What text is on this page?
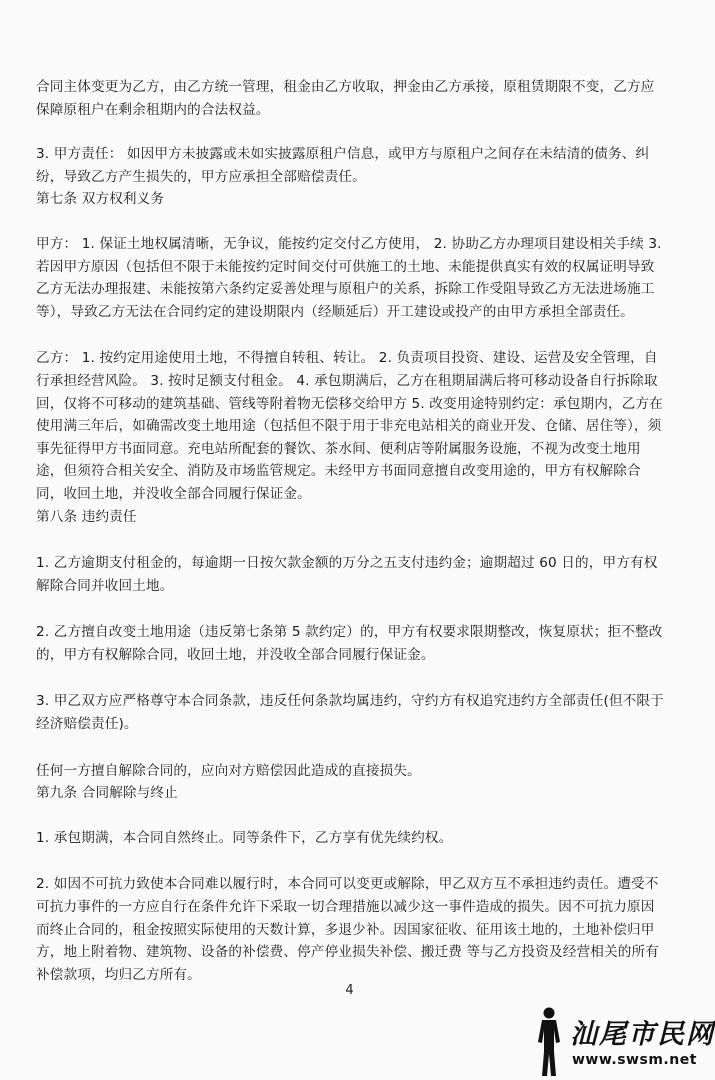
合同主体变更为乙方，由乙方统一管理，租金由乙方收取，押金由乙方承接，原租赁期限不变，乙方应保障原租户在剩余租期内的合法权益。

3. 甲方责任： 如因甲方未披露或未如实披露原租户信息，或甲方与原租户之间存在未结清的债务、纠纷，导致乙方产生损失的，甲方应承担全部赔偿责任。

第七条 双方权利义务

甲方： 1. 保证土地权属清晰，无争议，能按约定交付乙方使用， 2. 协助乙方办理项目建设相关手续 3.若因甲方原因（包括但不限于未能按约定时间交付可供施工的土地、未能提供真实有效的权属证明导致乙方无法办理报建、未能按第六条约定妥善处理与原租户的关系，拆除工作受阻导致乙方无法进场施工等），导致乙方无法在合同约定的建设期限内（经顺延后）开工建设或投产的由甲方承担全部责任。

乙方： 1. 按约定用途使用土地，不得擅自转租、转让。 2. 负责项目投资、建设、运营及安全管理，自行承担经营风险。 3. 按时足额支付租金。 4. 承包期满后，乙方在租期届满后将可移动设备自行拆除取回，仅将不可移动的建筑基础、管线等附着物无偿移交给甲方 5. 改变用途特别约定：承包期内，乙方在使用满三年后，如确需改变土地用途（包括但不限于用于非充电站相关的商业开发、仓储、居住等），须事先征得甲方书面同意。充电站所配套的餐饮、茶水间、便利店等附属服务设施，不视为改变土地用途，但须符合相关安全、消防及市场监管规定。未经甲方书面同意擅自改变用途的，甲方有权解除合同，收回土地，并没收全部合同履行保证金。

第八条 违约责任

1. 乙方逾期支付租金的，每逾期一日按欠款金额的万分之五支付违约金；逾期超过 60 日的，甲方有权解除合同并收回土地。

2. 乙方擅自改变土地用途（违反第七条第 5 款约定）的，甲方有权要求限期整改，恢复原状；拒不整改的，甲方有权解除合同，收回土地，并没收全部合同履行保证金。

3. 甲乙双方应严格尊守本合同条款，违反任何条款均属违约，守约方有权追究违约方全部责任(但不限于经济赔偿责任)。

任何一方擅自解除合同的，应向对方赔偿因此造成的直接损失。

第九条 合同解除与终止

1. 承包期满，本合同自然终止。同等条件下，乙方享有优先续约权。

2. 如因不可抗力致使本合同难以履行时，本合同可以变更或解除，甲乙双方互不承担违约责任。遭受不可抗力事件的一方应自行在条件允许下采取一切合理措施以减少这一事件造成的损失。因不可抗力原因而终止合同的，租金按照实际使用的天数计算，多退少补。因国家征收、征用该土地的，土地补偿归甲方，地上附着物、建筑物、设备的补偿费、停产停业损失补偿、搬迁费 等与乙方投资及经营相关的所有补偿款项，均归乙方所有。

4
汕尾市民网
www.swsm.net
